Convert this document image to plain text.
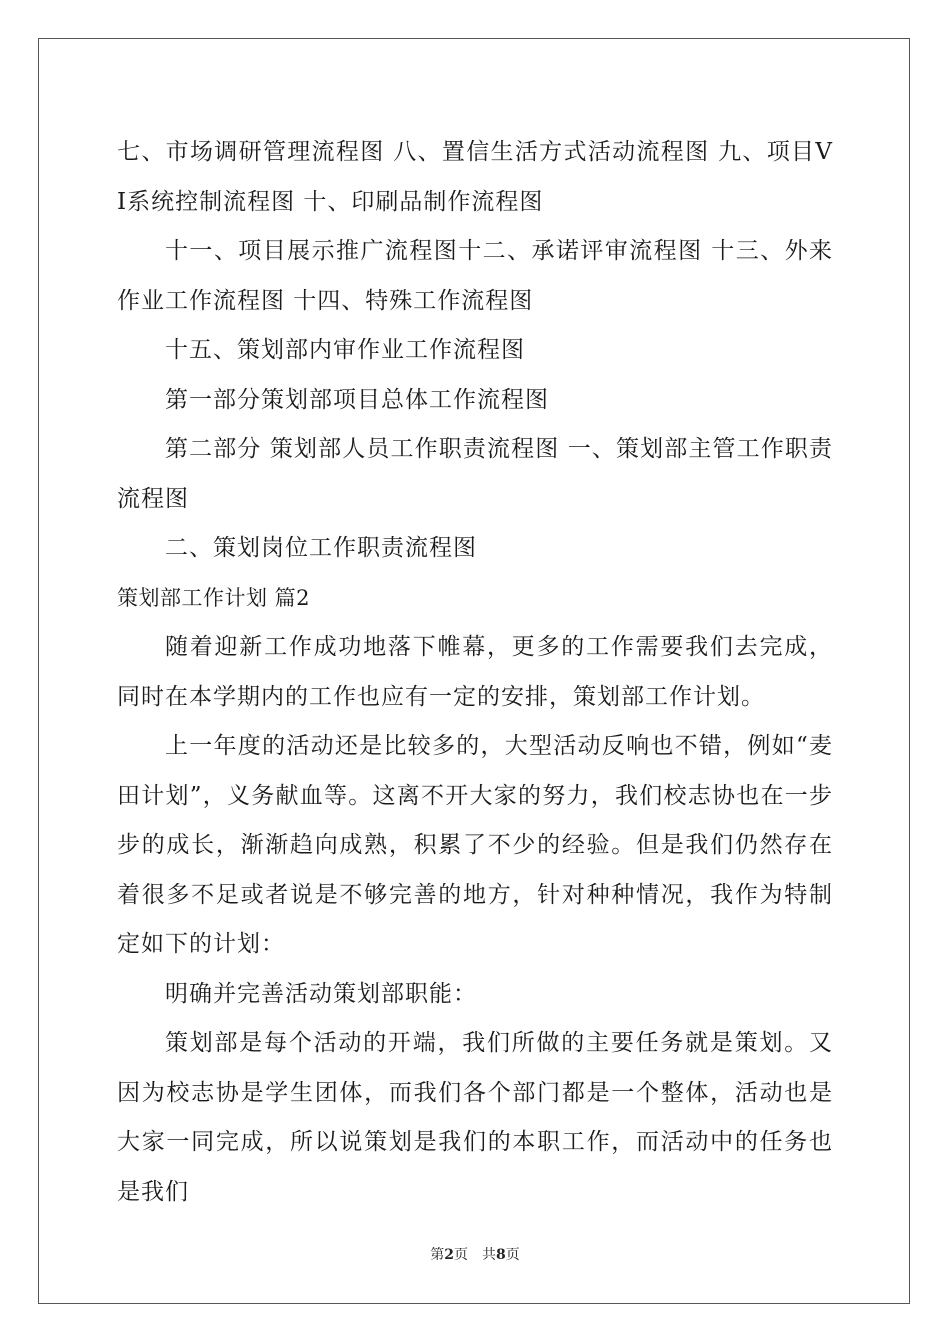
七、市场调研管理流程图 八、置信生活方式活动流程图 九、项目VI系统控制流程图 十、印刷品制作流程图

十一、项目展示推广流程图十二、承诺评审流程图 十三、外来作业工作流程图 十四、特殊工作流程图

十五、策划部内审作业工作流程图

第一部分策划部项目总体工作流程图

第二部分 策划部人员工作职责流程图 一、策划部主管工作职责流程图

二、策划岗位工作职责流程图

策划部工作计划 篇2

随着迎新工作成功地落下帷幕，更多的工作需要我们去完成，同时在本学期内的工作也应有一定的安排，策划部工作计划。

上一年度的活动还是比较多的，大型活动反响也不错，例如“麦田计划”，义务献血等。这离不开大家的努力，我们校志协也在一步步的成长，渐渐趋向成熟，积累了不少的经验。但是我们仍然存在着很多不足或者说是不够完善的地方，针对种种情况，我作为特制定如下的计划：

明确并完善活动策划部职能：

策划部是每个活动的开端，我们所做的主要任务就是策划。又因为校志协是学生团体，而我们各个部门都是一个整体，活动也是大家一同完成，所以说策划是我们的本职工作，而活动中的任务也是我们

第2页　共8页
